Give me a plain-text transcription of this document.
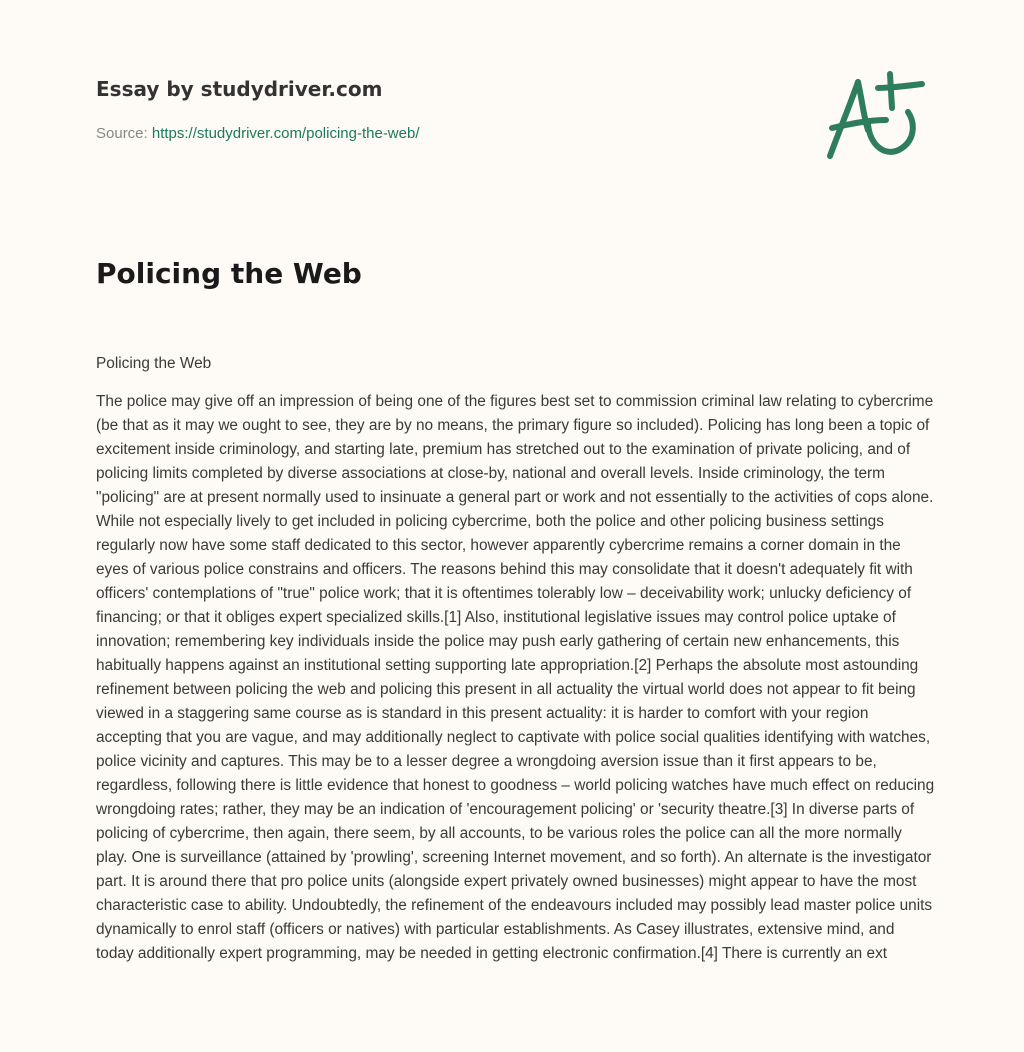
Essay by studydriver.com
Source: https://studydriver.com/policing-the-web/
Policing the Web

Policing the Web

The police may give off an impression of being one of the figures best set to commission criminal law relating to cybercrime (be that as it may we ought to see, they are by no means, the primary figure so included). Policing has long been a topic of excitement inside criminology, and starting late, premium has stretched out to the examination of private policing, and of policing limits completed by diverse associations at close-by, national and overall levels. Inside criminology, the term "policing" are at present normally used to insinuate a general part or work and not essentially to the activities of cops alone. While not especially lively to get included in policing cybercrime, both the police and other policing business settings regularly now have some staff dedicated to this sector, however apparently cybercrime remains a corner domain in the eyes of various police constrains and officers. The reasons behind this may consolidate that it doesn't adequately fit with officers' contemplations of "true" police work; that it is oftentimes tolerably low – deceivability work; unlucky deficiency of financing; or that it obliges expert specialized skills.[1] Also, institutional legislative issues may control police uptake of innovation; remembering key individuals inside the police may push early gathering of certain new enhancements, this habitually happens against an institutional setting supporting late appropriation.[2] Perhaps the absolute most astounding refinement between policing the web and policing this present in all actuality the virtual world does not appear to fit being viewed in a staggering same course as is standard in this present actuality: it is harder to comfort with your region accepting that you are vague, and may additionally neglect to captivate with police social qualities identifying with watches, police vicinity and captures. This may be to a lesser degree a wrongdoing aversion issue than it first appears to be, regardless, following there is little evidence that honest to goodness – world policing watches have much effect on reducing wrongdoing rates; rather, they may be an indication of 'encouragement policing' or 'security theatre.[3] In diverse parts of policing of cybercrime, then again, there seem, by all accounts, to be various roles the police can all the more normally play. One is surveillance (attained by 'prowling', screening Internet movement, and so forth). An alternate is the investigator part. It is around there that pro police units (alongside expert privately owned businesses) might appear to have the most characteristic case to ability. Undoubtedly, the refinement of the endeavours included may possibly lead master police units dynamically to enrol staff (officers or natives) with particular establishments. As Casey illustrates, extensive mind, and today additionally expert programming, may be needed in getting electronic confirmation.[4] There is currently an ext
